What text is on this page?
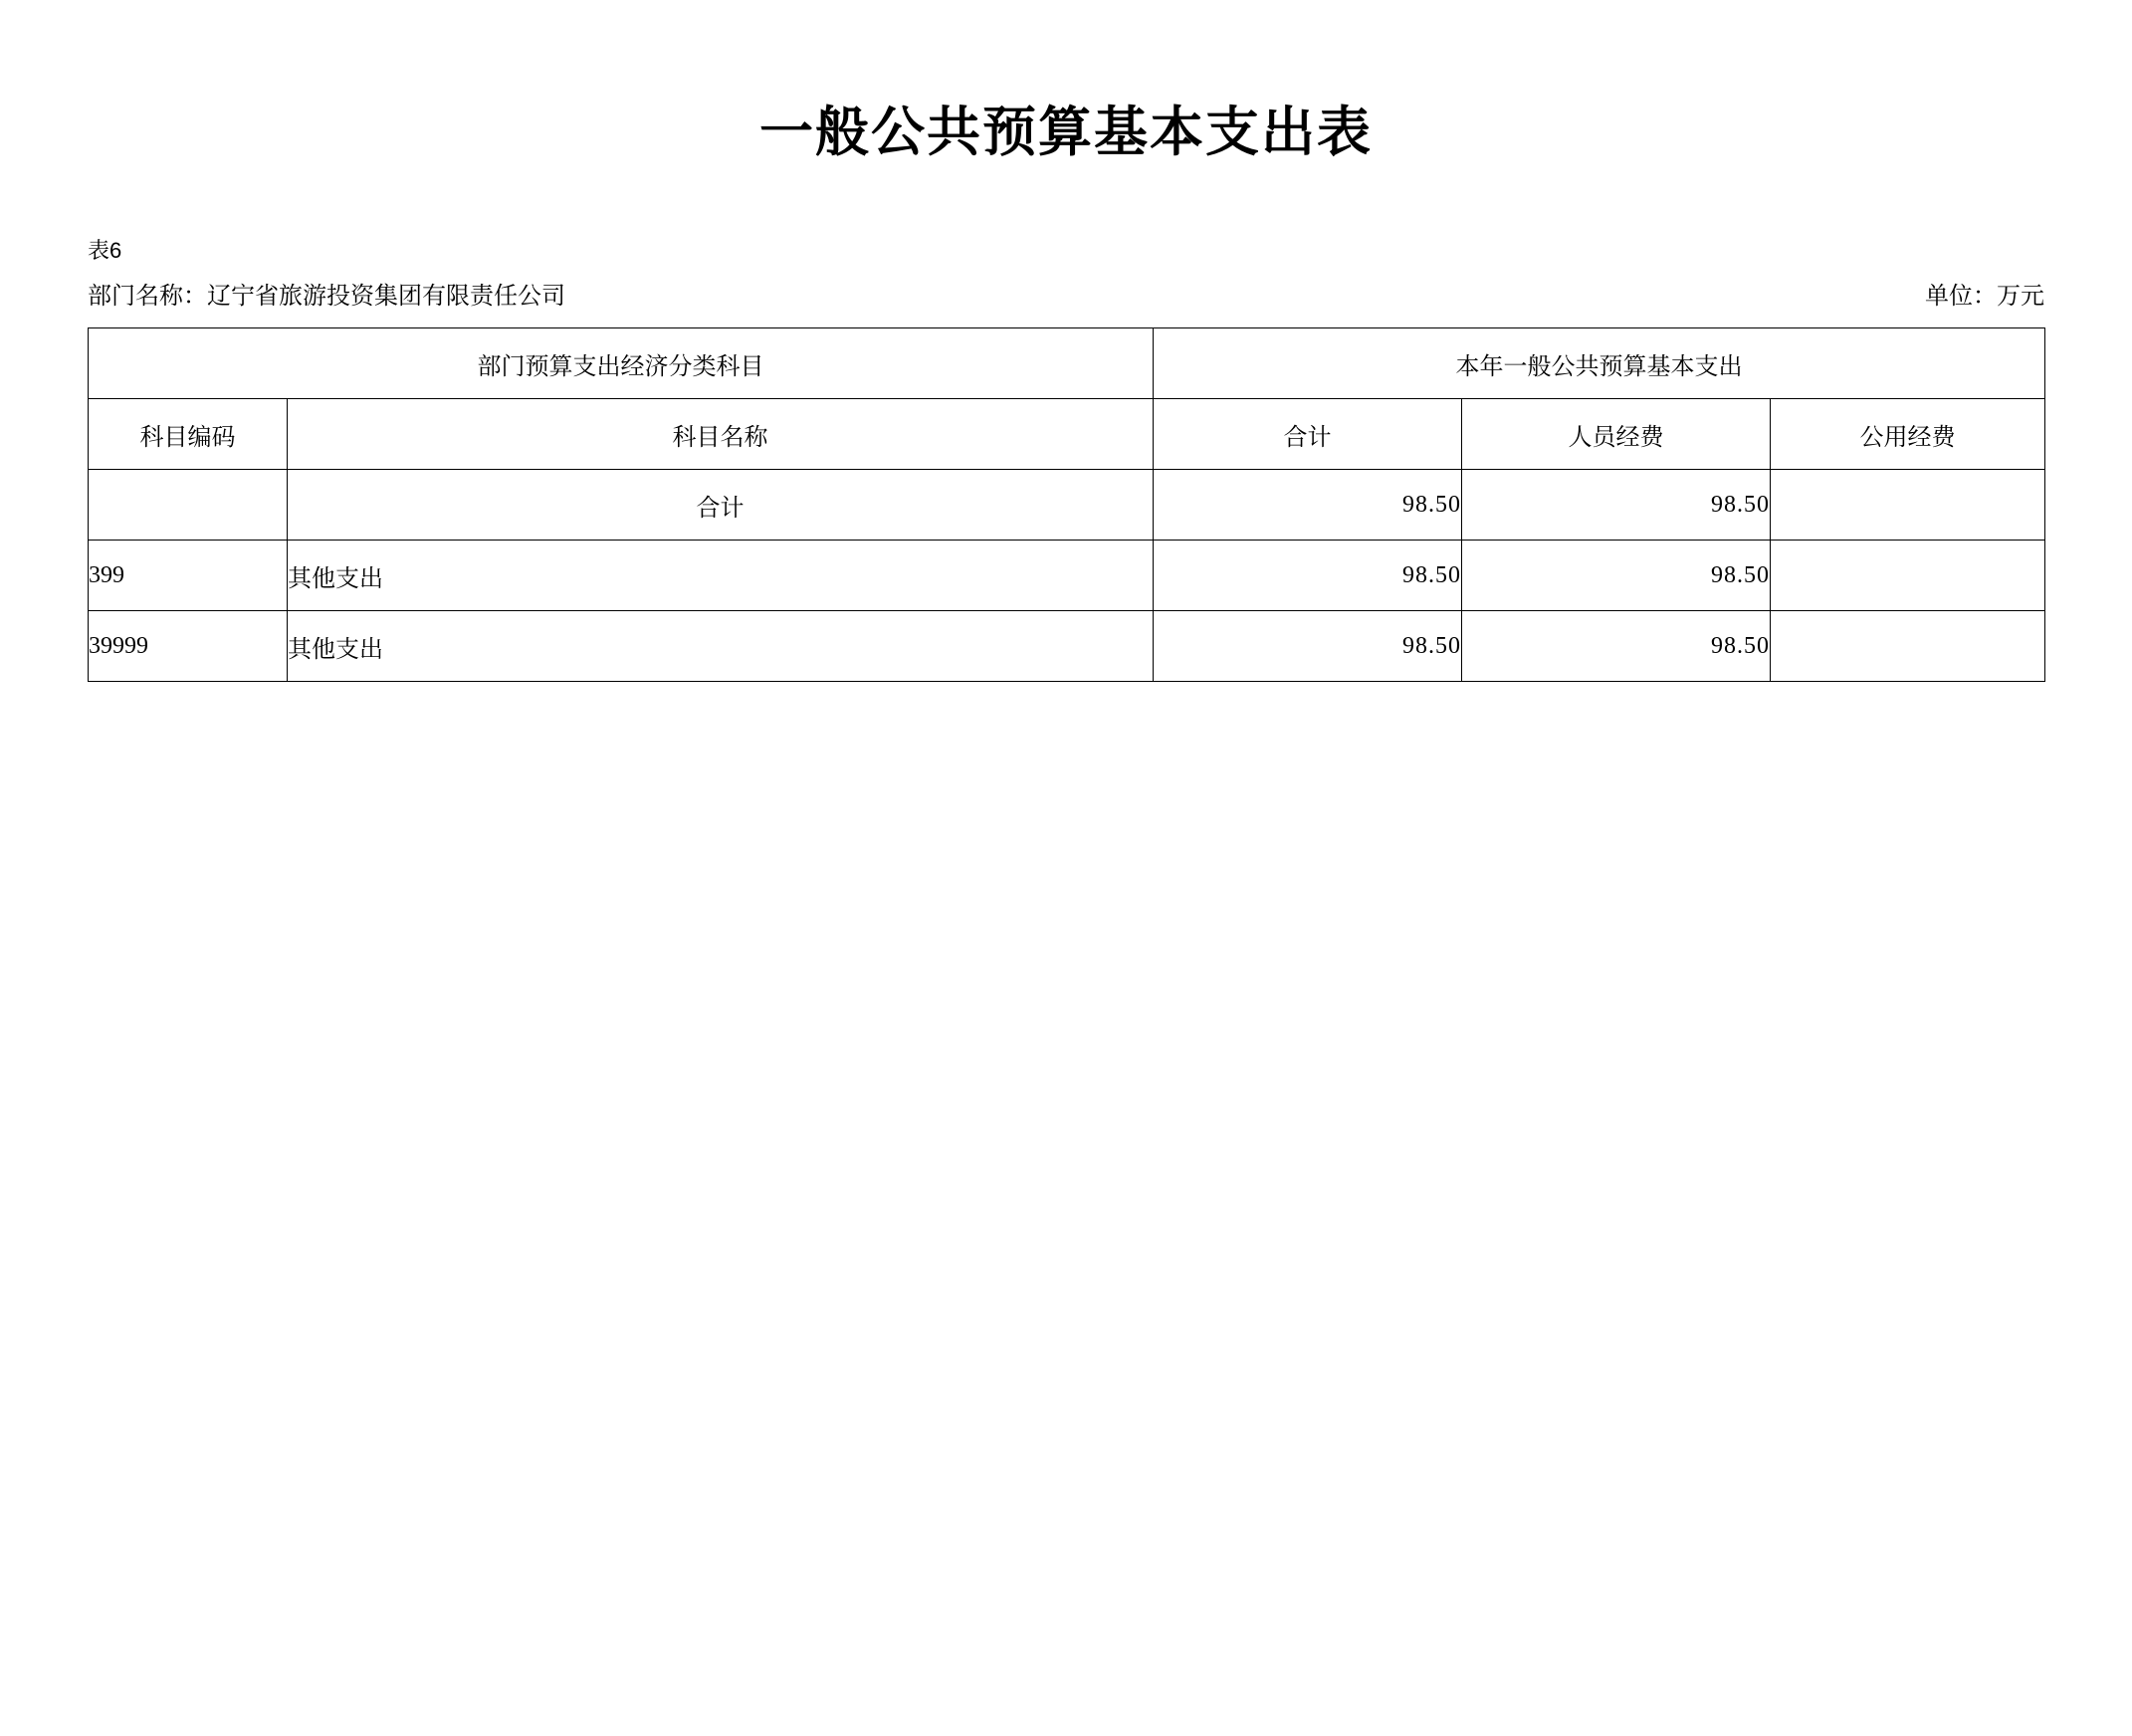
一般公共预算基本支出表
表6
部门名称：辽宁省旅游投资集团有限责任公司	单位：万元
部门预算支出经济分类科目		本年一般公共预算基本支出		
科目编码	科目名称	合计	人员经费	公用经费
	合计	98.50	98.50	
399	其他支出	98.50	98.50	
39999	其他支出	98.50	98.50	
